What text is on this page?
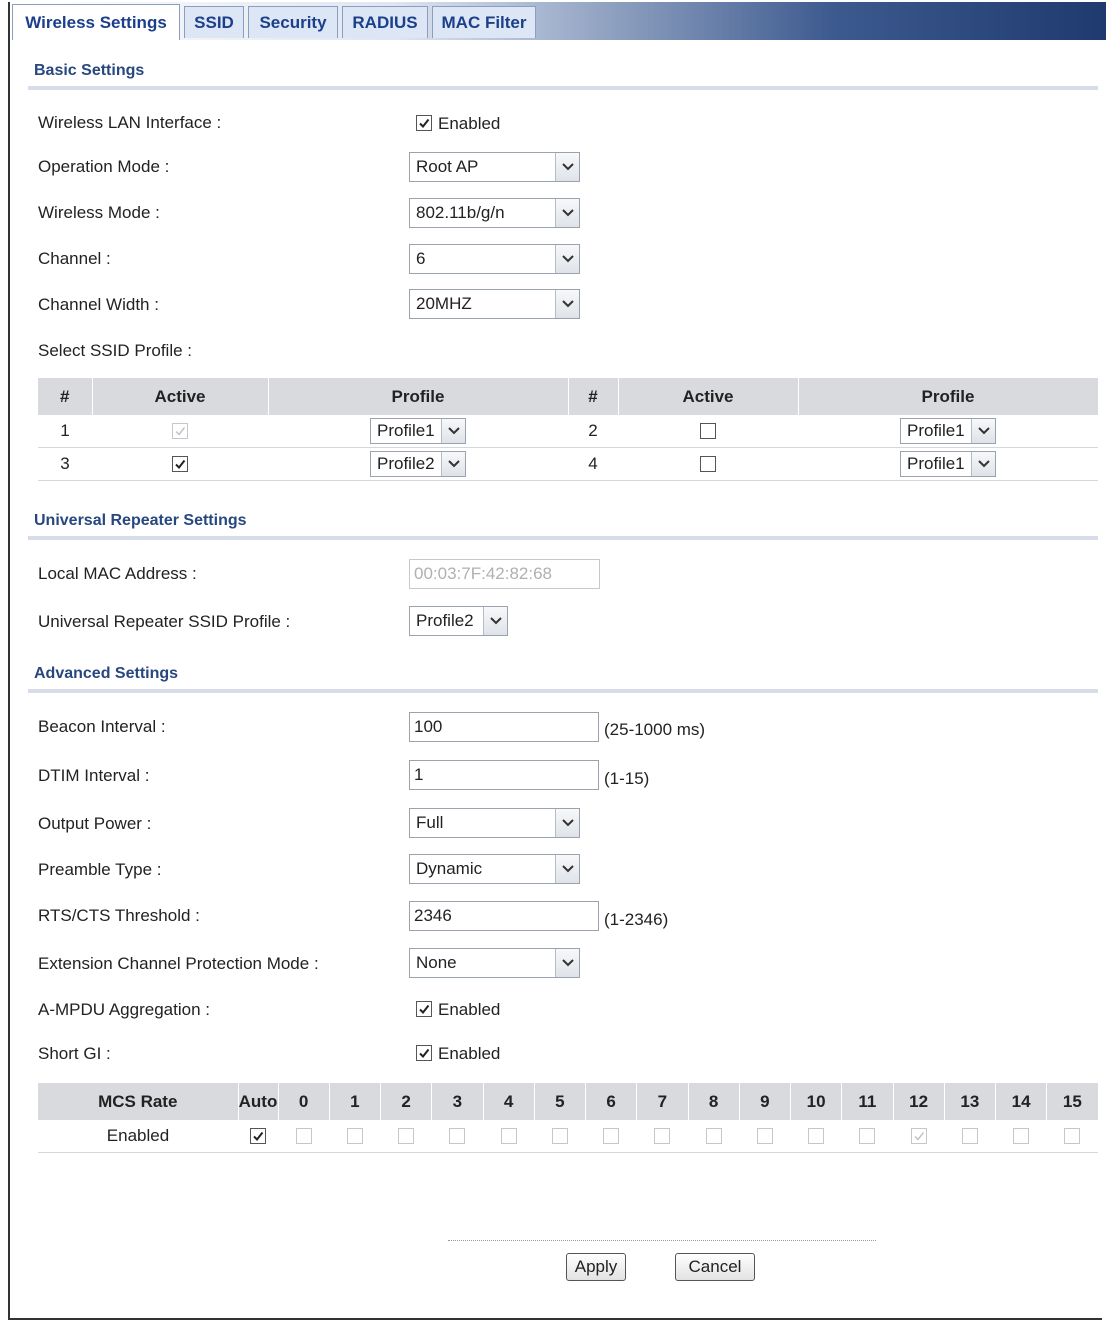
Wireless Settings	SSID	Security	RADIUS	MAC Filter
Basic Settings
Wireless LAN Interface :	Enabled
Operation Mode :	Root AP
Wireless Mode :	802.11b/g/n
Channel :	6
Channel Width :	20MHZ
Select SSID Profile :
#	Active	Profile	#	Active	Profile
1		Profile1	2		Profile1

3		Profile2	4		Profile1
Universal Repeater Settings
Local MAC Address :
00:03:7F:42:82:68
Universal Repeater SSID Profile :	Profile2
Advanced Settings
Beacon Interval :
100	(25-1000 ms)
DTIM Interval :
1	(1-15)
Output Power :	Full
Preamble Type :	Dynamic
RTS/CTS Threshold :
2346	(1-2346)
Extension Channel Protection Mode :	None
A-MPDU Aggregation :	Enabled
Short GI :	Enabled
MCS Rate	Auto	0	1	2	3	4	5	6	7	8	9	10	11	12	13	14	15
Enabled	

Apply	Cancel
